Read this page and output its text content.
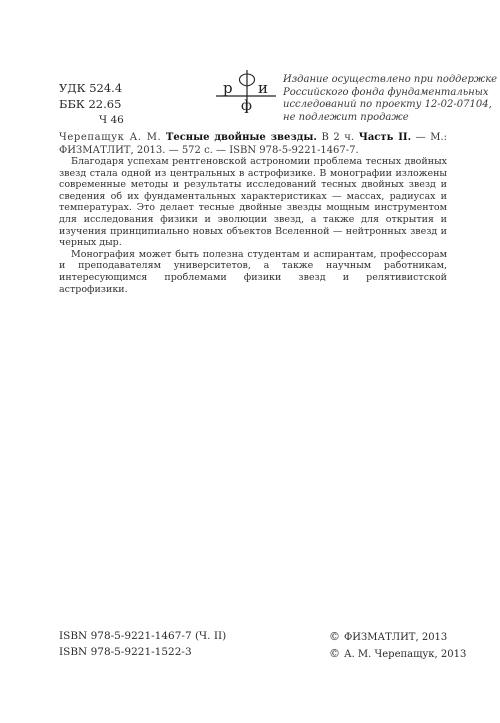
УДК 524.4
ББК 22.65
Ч 46
р
ф
и Издание осуществлено при поддержке
Российского фонда фундаментальных
исследований по проекту 12-02-07104,
не подлежит продаже
Черепащук А. М. Тесные двойные звезды. В 2 ч. Часть II. — М.: ФИЗМАТЛИТ, 2013. — 572 с. — ISBN 978-5-9221-1467-7.

Благодаря успехам рентгеновской астрономии проблема тесных двойных звезд стала одной из центральных в астрофизике. В монографии изложены современные методы и результаты исследований тесных двойных звезд и сведения об их фундаментальных характеристиках — массах, радиусах и температурах. Это делает тесные двойные звезды мощным инструментом для исследования физики и эволюции звезд, а также для открытия и изучения принципиально новых объектов Вселенной — нейтронных звезд и черных дыр.

Монография может быть полезна студентам и аспирантам, профессорам и преподавателям университетов, а также научным работникам, интересующимся проблемами физики звезд и релятивистской астрофизики.

ISBN 978-5-9221-1467-7 (Ч. II)
ISBN 978-5-9221-1522-3
© ФИЗМАТЛИТ, 2013
© А. М. Черепащук, 2013
